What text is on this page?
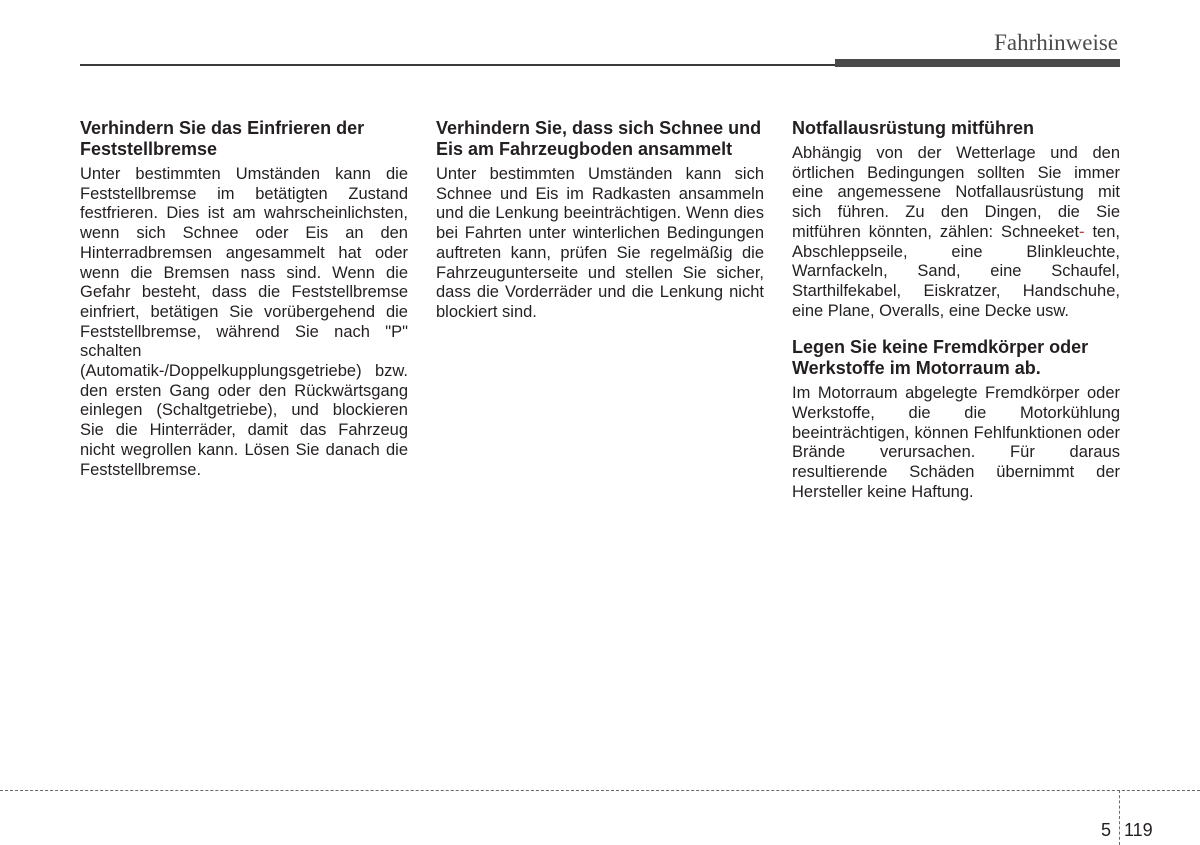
Fahrhinweise
Verhindern Sie das Einfrieren der Feststellbremse

Unter bestimmten Umständen kann die Feststellbremse im betätigten Zustand festfrieren. Dies ist am wahrscheinlichsten, wenn sich Schnee oder Eis an den Hinterradbremsen angesammelt hat oder wenn die Bremsen nass sind. Wenn die Gefahr besteht, dass die Feststellbremse einfriert, betätigen Sie vorübergehend die Feststellbremse, während Sie nach "P" schalten (Automatik-/Doppelkupplungsgetriebe) bzw. den ersten Gang oder den Rückwärtsgang einlegen (Schaltgetriebe), und blockieren Sie die Hinterräder, damit das Fahrzeug nicht wegrollen kann. Lösen Sie danach die Feststellbremse.

Verhindern Sie, dass sich Schnee und Eis am Fahrzeugboden ansammelt

Unter bestimmten Umständen kann sich Schnee und Eis im Radkasten ansammeln und die Lenkung beeinträchtigen. Wenn dies bei Fahrten unter winterlichen Bedingungen auftreten kann, prüfen Sie regelmäßig die Fahrzeugunterseite und stellen Sie sicher, dass die Vorderräder und die Lenkung nicht blockiert sind.

Notfallausrüstung mitführen

Abhängig von der Wetterlage und den örtlichen Bedingungen sollten Sie immer eine angemessene Notfallausrüstung mit sich führen. Zu den Dingen, die Sie mitführen könnten, zählen: Schneeket- ten, Abschleppseile, eine Blinkleuchte, Warnfackeln, Sand, eine Schaufel, Starthilfekabel, Eiskratzer, Handschuhe, eine Plane, Overalls, eine Decke usw.

Legen Sie keine Fremdkörper oder Werkstoffe im Motorraum ab.

Im Motorraum abgelegte Fremdkörper oder Werkstoffe, die die Motorkühlung beeinträchtigen, können Fehlfunktionen oder Brände verursachen. Für daraus resultierende Schäden übernimmt der Hersteller keine Haftung.

5 119
